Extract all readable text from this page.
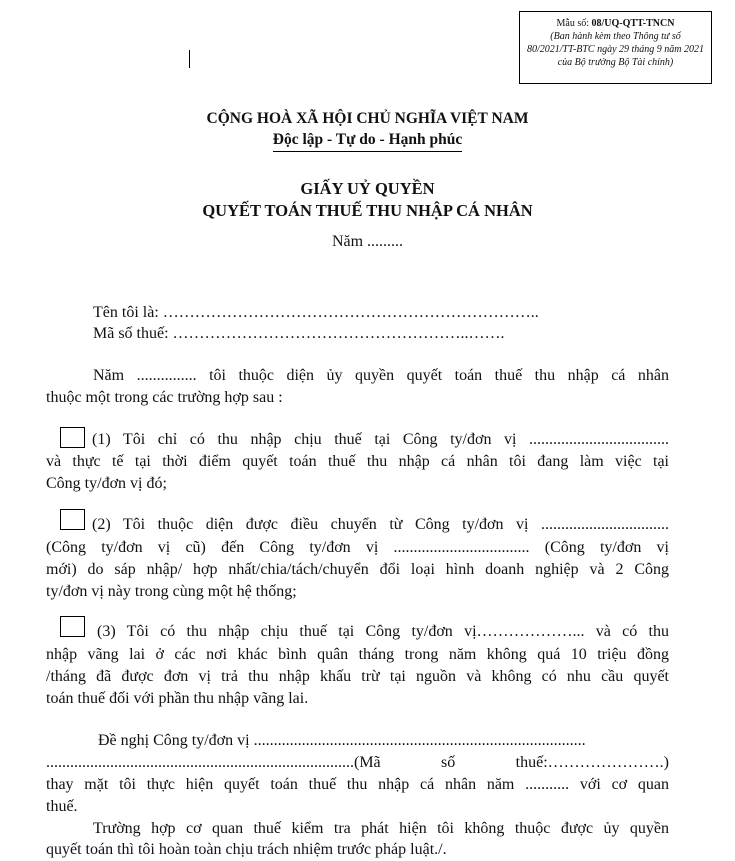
Mẫu số: 08/UQ-QTT-TNCN
(Ban hành kèm theo Thông tư số 80/2021/TT-BTC ngày 29 tháng 9 năm 2021 của Bộ trưởng Bộ Tài chính)
CỘNG HOÀ XÃ HỘI CHỦ NGHĨA VIỆT NAM
Độc lập - Tự do - Hạnh phúc
GIẤY UỶ QUYỀN
QUYẾT TOÁN THUẾ THU NHẬP CÁ NHÂN
Năm .........
Tên tôi là: ……………………………………………………………..
Mã số thuế: ………………………………………………..…….
Năm ............... tôi thuộc diện ủy quyền quyết toán thuế thu nhập cá nhân
thuộc một trong các trường hợp sau :
(1) Tôi chỉ có thu nhập chịu thuế tại Công ty/đơn vị ...................................
và thực tế tại thời điểm quyết toán thuế thu nhập cá nhân tôi đang làm việc tại
Công ty/đơn vị đó;
(2) Tôi thuộc diện được điều chuyển từ Công ty/đơn vị ................................
(Công ty/đơn vị cũ) đến Công ty/đơn vị .................................. (Công ty/đơn vị
mới) do sáp nhập/ hợp nhất/chia/tách/chuyển đổi loại hình doanh nghiệp và 2 Công
ty/đơn vị này trong cùng một hệ thống;
(3) Tôi có thu nhập chịu thuế tại Công ty/đơn vị………………... và có thu
nhập vãng lai ở các nơi khác bình quân tháng trong năm không quá 10 triệu đồng
/tháng đã được đơn vị trả thu nhập khấu trừ tại nguồn và không có nhu cầu quyết
toán thuế đối với phần thu nhập vãng lai.
Đề nghị Công ty/đơn vị ...................................................................................
.............................................................................(Mã số thuế:………………….)
thay mặt tôi thực hiện quyết toán thuế thu nhập cá nhân năm ........... với cơ quan
thuế.
Trường hợp cơ quan thuế kiểm tra phát hiện tôi không thuộc được ủy quyền
quyết toán thì tôi hoàn toàn chịu trách nhiệm trước pháp luật./.
